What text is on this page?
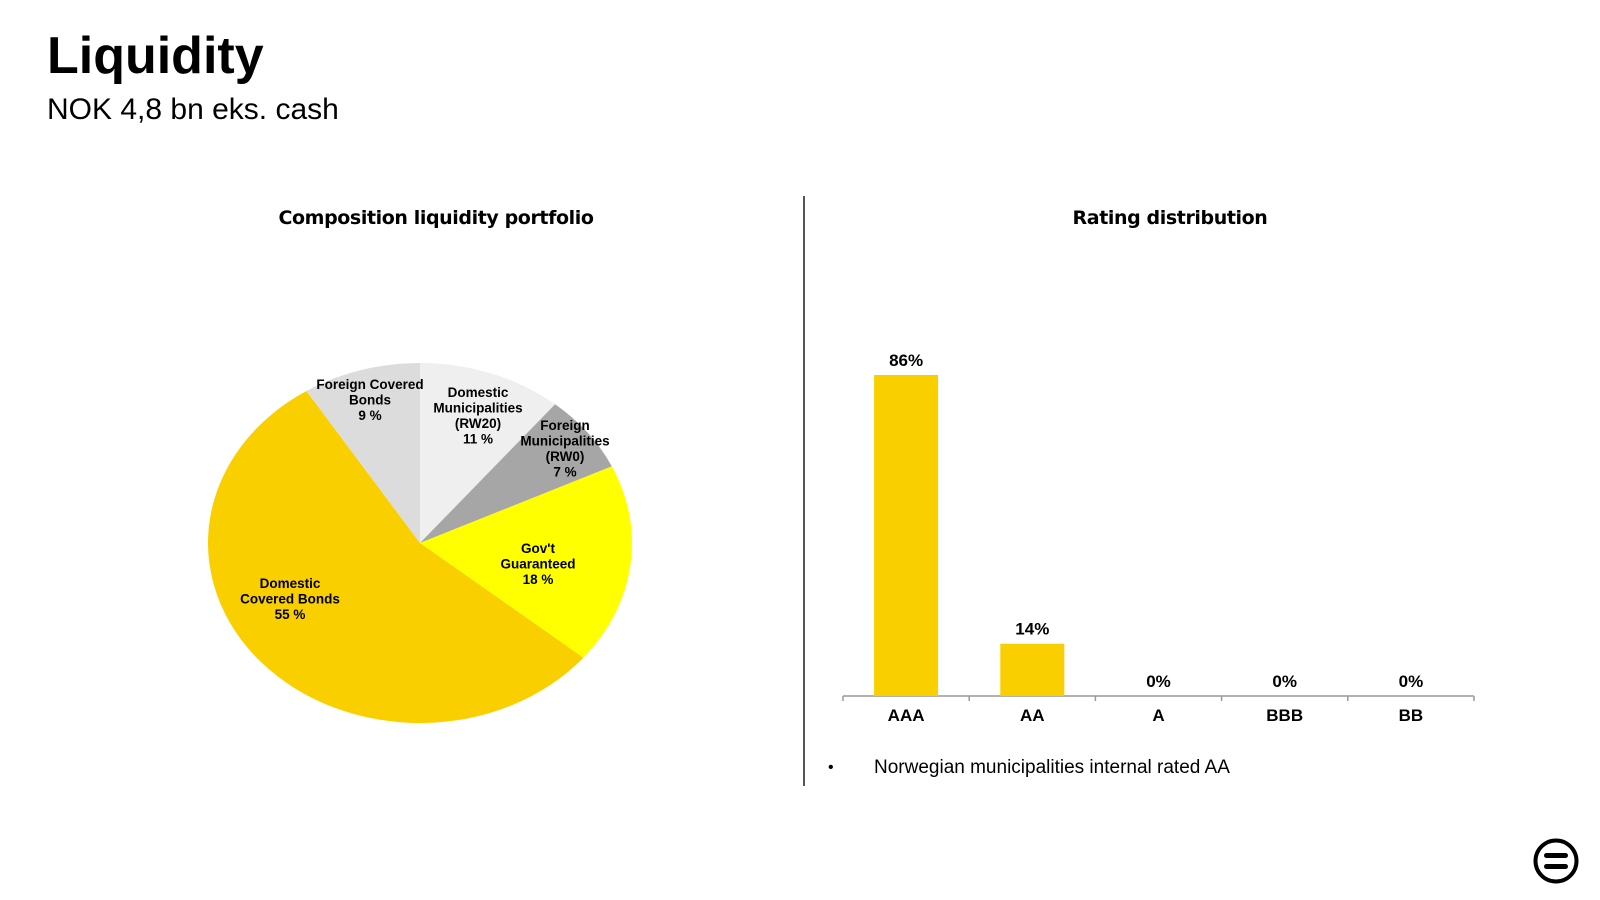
Liquidity
NOK 4,8 bn eks. cash
Composition liquidity portfolio	Rating distribution
Domestic
Municipalities
(RW20)
11 %
Foreign
Municipalities
(RW0)
7 %
Gov't
Guaranteed
18 %
Domestic
Covered Bonds
55 %
Foreign Covered
Bonds
9 %
86%
AAA
14%
AA
0%
A
0%
BBB
0%
BB
•	Norwegian municipalities internal rated AA
